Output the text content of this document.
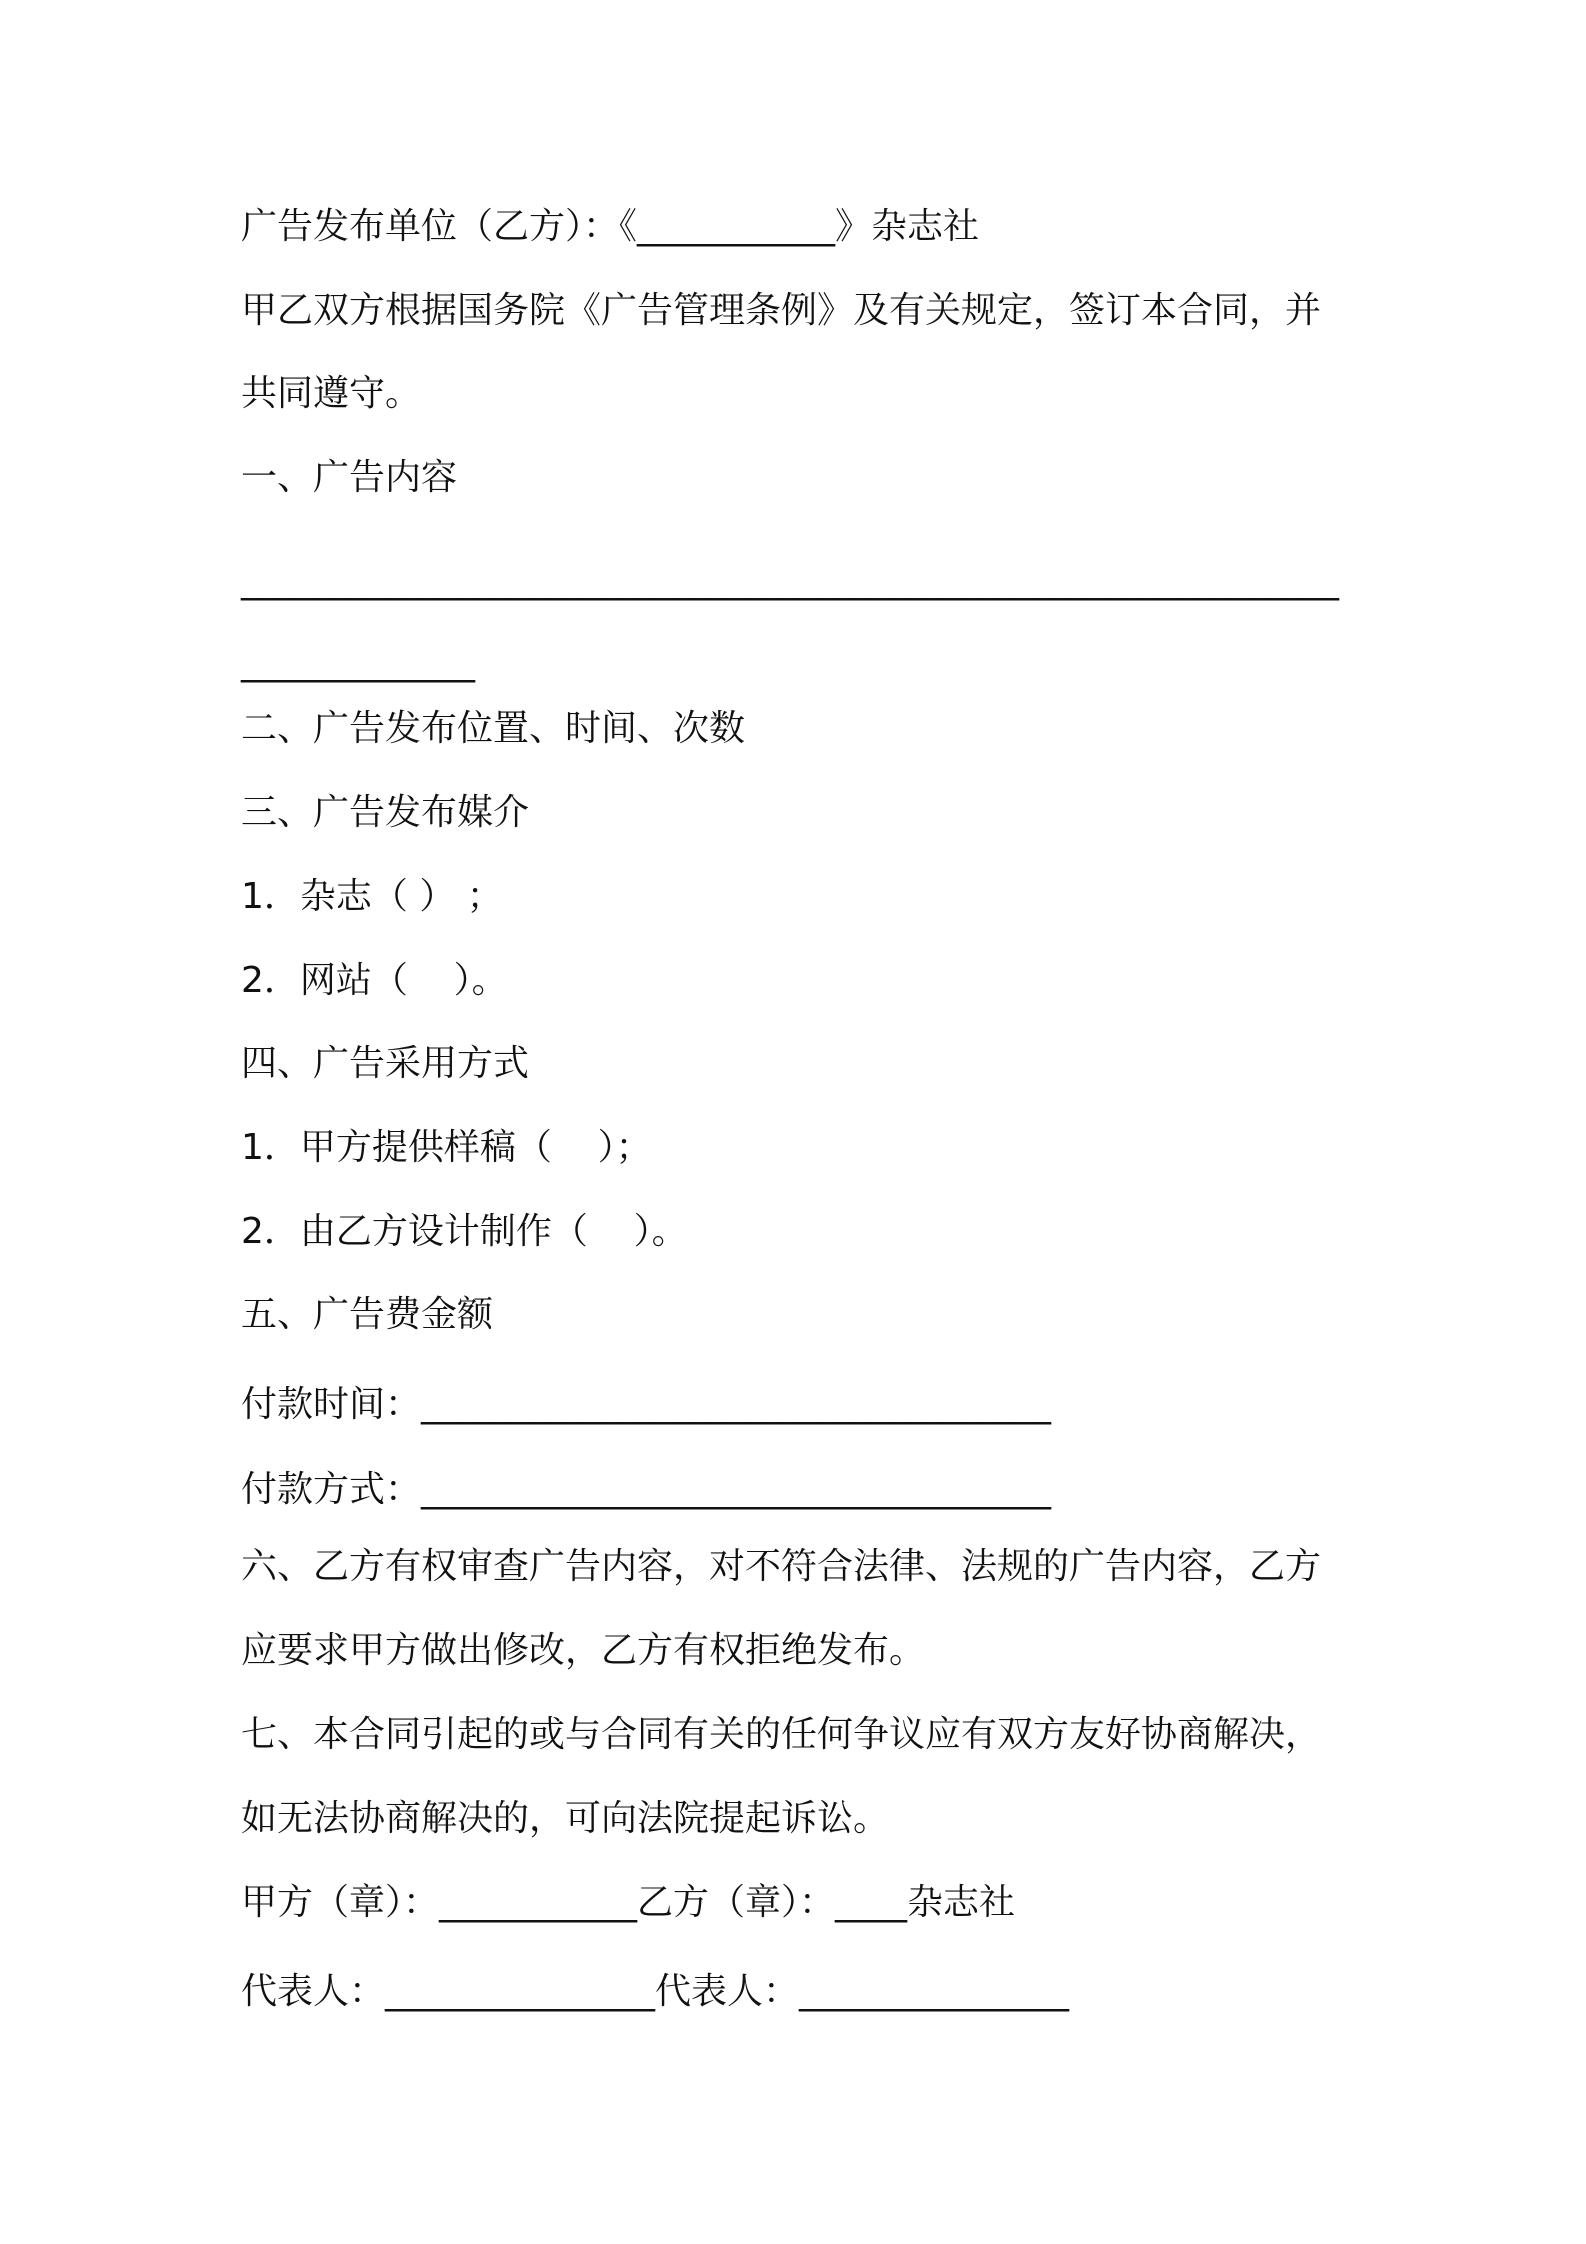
广告发布单位（乙方）：《___________》杂志社

甲乙双方根据国务院《广告管理条例》及有关规定，签订本合同，并

共同遵守。

一、广告内容

_____________________________________________________________

_____________

二、广告发布位置、时间、次数

三、广告发布媒介

1．杂志（ ） ；

2．网站（    ）。

四、广告采用方式

1．甲方提供样稿（    ）；

2．由乙方设计制作（    ）。

五、广告费金额

付款时间：___________________________________

付款方式：___________________________________

六、乙方有权审查广告内容，对不符合法律、法规的广告内容，乙方

应要求甲方做出修改，乙方有权拒绝发布。

七、本合同引起的或与合同有关的任何争议应有双方友好协商解决，

如无法协商解决的，可向法院提起诉讼。

甲方（章）：___________乙方（章）：____杂志社

代表人：_______________代表人：_______________
